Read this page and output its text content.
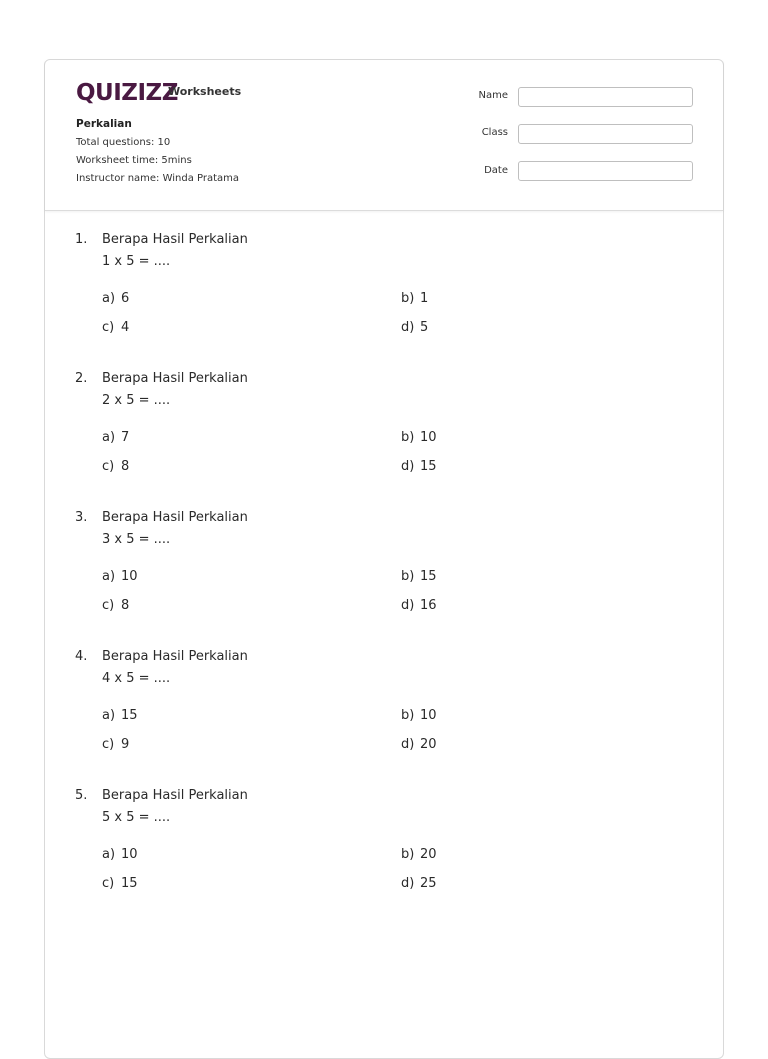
QUIZIZZ
Worksheets
Perkalian
Total questions: 10
Worksheet time: 5mins
Instructor name: Winda Pratama
Name
Class
Date
1. Berapa Hasil Perkalian
1 x 5 = ....
a) 6	b) 1
c) 4	d) 5
2. Berapa Hasil Perkalian
2 x 5 = ....
a) 7	b) 10
c) 8	d) 15
3. Berapa Hasil Perkalian
3 x 5 = ....
a) 10	b) 15
c) 8	d) 16
4. Berapa Hasil Perkalian
4 x 5 = ....
a) 15	b) 10
c) 9	d) 20
5. Berapa Hasil Perkalian
5 x 5 = ....
a) 10	b) 20
c) 15	d) 25
